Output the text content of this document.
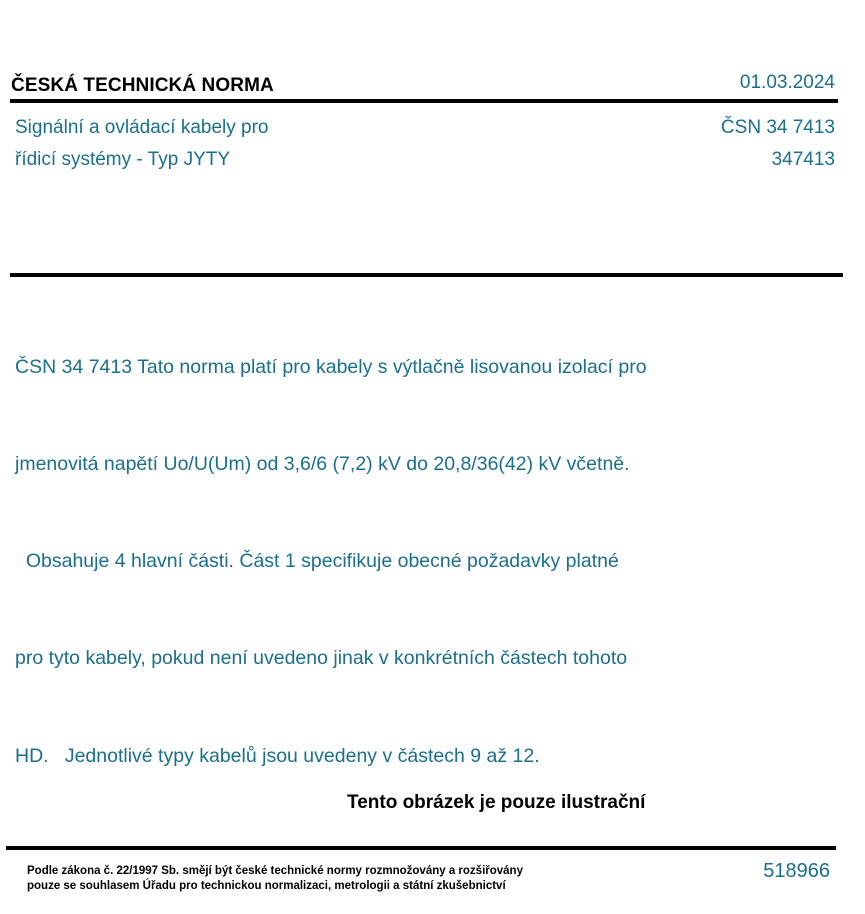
ČESKÁ TECHNICKÁ NORMA	01.03.2024
Signální a ovládací kabely pro
řídicí systémy - Typ JYTY
ČSN 34 7413
347413

ČSN 34 7413 Tato norma platí pro kabely s výtlačně lisovanou izolací pro

jmenovitá napětí Uo/U(Um) od 3,6/6 (7,2) kV do 20,8/36(42) kV včetně.

Obsahuje 4 hlavní části. Část 1 specifikuje obecné požadavky platné

pro tyto kabely, pokud není uvedeno jinak v konkrétních částech tohoto

HD.   Jednotlivé typy kabelů jsou uvedeny v částech 9 až 12.

Tento obrázek je pouze ilustrační
Podle zákona č. 22/1997 Sb. smějí být české technické normy rozmnožovány a rozšiřovány
pouze se souhlasem Úřadu pro technickou normalizaci, metrologii a státní zkušebnictví
518966
